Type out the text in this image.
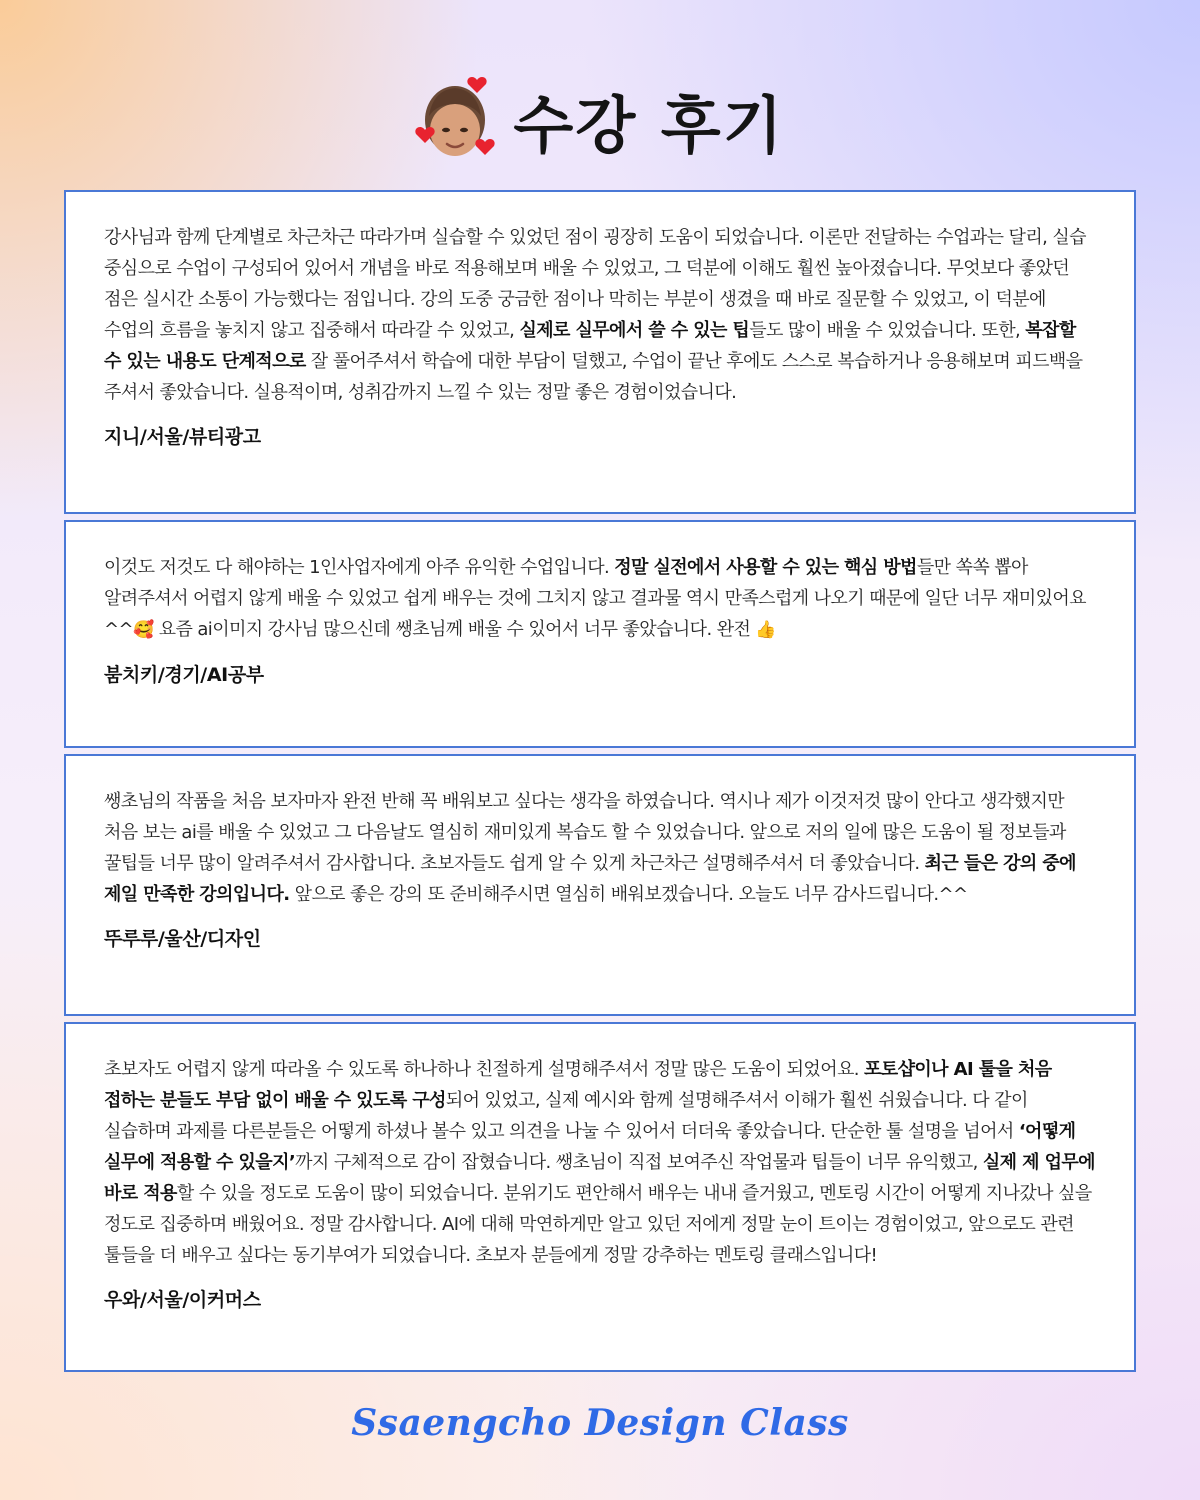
수강 후기

강사님과 함께 단계별로 차근차근 따라가며 실습할 수 있었던 점이 굉장히 도움이 되었습니다. 이론만 전달하는 수업과는 달리, 실습 중심으로 수업이 구성되어 있어서 개념을 바로 적용해보며 배울 수 있었고, 그 덕분에 이해도 훨씬 높아졌습니다. 무엇보다 좋았던 점은 실시간 소통이 가능했다는 점입니다. 강의 도중 궁금한 점이나 막히는 부분이 생겼을 때 바로 질문할 수 있었고, 이 덕분에 수업의 흐름을 놓치지 않고 집중해서 따라갈 수 있었고, 실제로 실무에서 쓸 수 있는 팁들도 많이 배울 수 있었습니다. 또한, 복잡할 수 있는 내용도 단계적으로 잘 풀어주셔서 학습에 대한 부담이 덜했고, 수업이 끝난 후에도 스스로 복습하거나 응용해보며 피드백을 주셔서 좋았습니다. 실용적이며, 성취감까지 느낄 수 있는 정말 좋은 경험이었습니다.

지니/서울/뷰티광고

이것도 저것도 다 해야하는 1인사업자에게 아주 유익한 수업입니다. 정말 실전에서 사용할 수 있는 핵심 방법들만 쏙쏙 뽑아 알려주셔서 어렵지 않게 배울 수 있었고 쉽게 배우는 것에 그치지 않고 결과물 역시 만족스럽게 나오기 때문에 일단 너무 재미있어요^^🥰 요즘 ai이미지 강사님 많으신데 쌩초님께 배울 수 있어서 너무 좋았습니다. 완전 👍

붐치키/경기/AI공부

쌩초님의 작품을 처음 보자마자 완전 반해 꼭 배워보고 싶다는 생각을 하였습니다. 역시나 제가 이것저것 많이 안다고 생각했지만 처음 보는 ai를 배울 수 있었고 그 다음날도 열심히 재미있게 복습도 할 수 있었습니다. 앞으로 저의 일에 많은 도움이 될 정보들과 꿀팁들 너무 많이 알려주셔서 감사합니다. 초보자들도 쉽게 알 수 있게 차근차근 설명해주셔서 더 좋았습니다. 최근 들은 강의 중에 제일 만족한 강의입니다. 앞으로 좋은 강의 또 준비해주시면 열심히 배워보겠습니다. 오늘도 너무 감사드립니다.^^

뚜루루/울산/디자인

초보자도 어렵지 않게 따라올 수 있도록 하나하나 친절하게 설명해주셔서 정말 많은 도움이 되었어요. 포토샵이나 AI 툴을 처음 접하는 분들도 부담 없이 배울 수 있도록 구성되어 있었고, 실제 예시와 함께 설명해주셔서 이해가 훨씬 쉬웠습니다. 다 같이 실습하며 과제를 다른분들은 어떻게 하셨나 볼수 있고 의견을 나눌 수 있어서 더더욱 좋았습니다. 단순한 툴 설명을 넘어서 ‘어떻게 실무에 적용할 수 있을지’까지 구체적으로 감이 잡혔습니다. 쌩초님이 직접 보여주신 작업물과 팁들이 너무 유익했고, 실제 제 업무에 바로 적용할 수 있을 정도로 도움이 많이 되었습니다. 분위기도 편안해서 배우는 내내 즐거웠고, 멘토링 시간이 어떻게 지나갔나 싶을 정도로 집중하며 배웠어요. 정말 감사합니다. AI에 대해 막연하게만 알고 있던 저에게 정말 눈이 트이는 경험이었고, 앞으로도 관련 툴들을 더 배우고 싶다는 동기부여가 되었습니다. 초보자 분들에게 정말 강추하는 멘토링 클래스입니다!

우와/서울/이커머스
Ssaengcho Design Class
